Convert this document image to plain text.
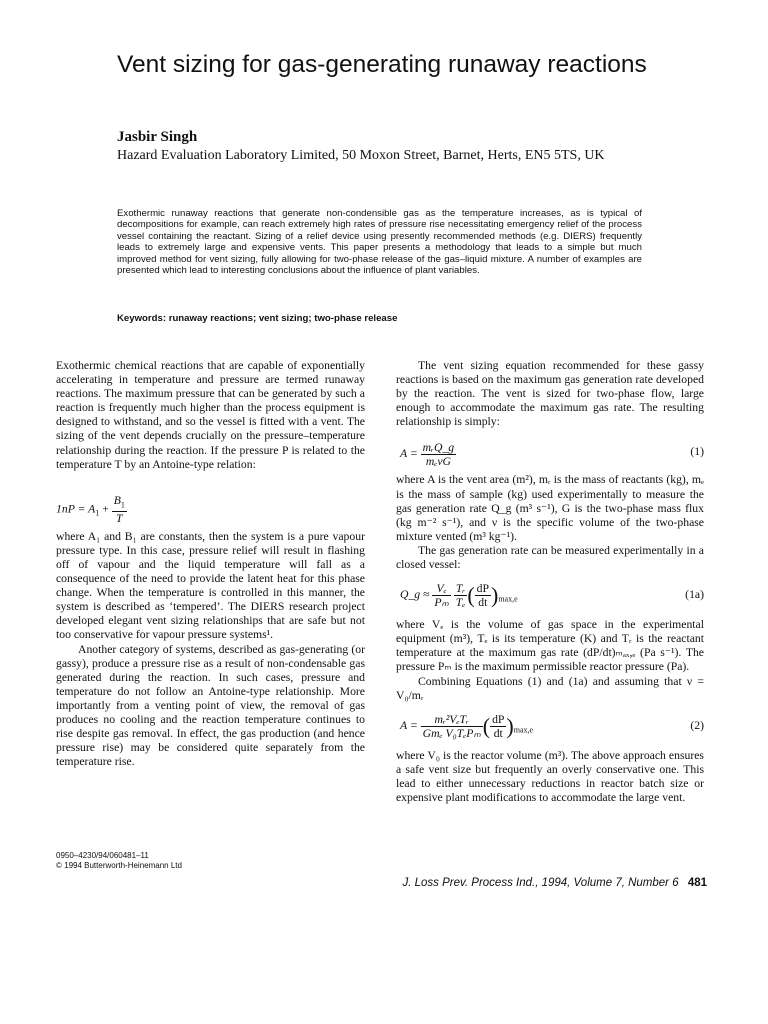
Vent sizing for gas-generating runaway reactions
Jasbir Singh
Hazard Evaluation Laboratory Limited, 50 Moxon Street, Barnet, Herts, EN5 5TS, UK
Exothermic runaway reactions that generate non-condensible gas as the temperature increases, as is typical of decompositions for example, can reach extremely high rates of pressure rise necessitating emergency relief of the process vessel containing the reactant. Sizing of a relief device using presently recommended methods (e.g. DIERS) frequently leads to extremely large and expensive vents. This paper presents a methodology that leads to a simple but much improved method for vent sizing, fully allowing for two-phase release of the gas–liquid mixture. A number of examples are presented which lead to interesting conclusions about the influence of plant variables.
Keywords: runaway reactions; vent sizing; two-phase release

Exothermic chemical reactions that are capable of exponentially accelerating in temperature and pressure are termed runaway reactions. The maximum pressure that can be generated by such a reaction is frequently much higher than the process equipment is designed to withstand, and so the vessel is fitted with a vent. The sizing of the vent depends crucially on the pressure–temperature relationship during the reaction. If the pressure P is related to the temperature T by an Antoine-type relation:

$1nP = A_1 + \frac{B_1}{T}$

where A₁ and B₁ are constants, then the system is a pure vapour pressure type. In this case, pressure relief will result in flashing off of vapour and the liquid temperature will fall as a consequence of the need to provide the latent heat for this phase change. When the temperature is controlled in this manner, the system is described as ‘tempered’. The DIERS research project developed elegant vent sizing relationships that are safe but not too conservative for vapour pressure systems¹.

Another category of systems, described as gas-generating (or gassy), produce a pressure rise as a result of non-condensable gas generated during the reaction. In such cases, pressure and temperature do not follow an Antoine-type relationship. More importantly from a venting point of view, the removal of gas produces no cooling and the reaction temperature continues to rise despite gas removal. In effect, the gas production (and hence pressure rise) may be considered quite separately from the temperature rise.

The vent sizing equation recommended for these gassy reactions is based on the maximum gas generation rate developed by the reaction. The vent is sized for two-phase flow, large enough to accommodate the maximum gas rate. The resulting relationship is simply:

$A = \frac{\text{mᵣQ\_g}}{\text{mₑνG}}$	(1)

where A is the vent area (m²), mᵣ is the mass of reactants (kg), mₑ is the mass of sample (kg) used experimentally to measure the gas generation rate Q_g (m³ s⁻¹), G is the two-phase mass flux (kg m⁻² s⁻¹), and ν is the specific volume of the two-phase mixture vented (m³ kg⁻¹).

The gas generation rate can be measured experimentally in a closed vessel:

Q_g ≈ $\frac{\text{Vₑ}}{\text{Pₘ}}$
$\frac{\text{Tᵣ}}{\text{Tₑ}}$ ( $\frac{dP}{dt} )_{max,e}$	(1a)

where Vₑ is the volume of gas space in the experimental equipment (m³), Tₑ is its temperature (K) and Tᵣ is the reactant temperature at the maximum gas rate (dP/dt)ₘₐₓ,ₑ (Pa s⁻¹). The pressure Pₘ is the maximum permissible reactor pressure (Pa).

Combining Equations (1) and (1a) and assuming that ν = V₀/mᵣ

$A = \frac{\text{mᵣ²VₑTᵣ}}{\text{Gmₑ V₀TₑPₘ}}$ ( $\frac{dP}{dt} )_{max,e}$	(2)

where V₀ is the reactor volume (m³). The above approach ensures a safe vent size but frequently an overly conservative one. This lead to either unnecessary reductions in reactor batch size or expensive plant modifications to accommodate the large vent.

0950–4230/94/060481–11
© 1994 Butterworth-Heinemann Ltd
J. Loss Prev. Process Ind., 1994, Volume 7, Number 6 481
